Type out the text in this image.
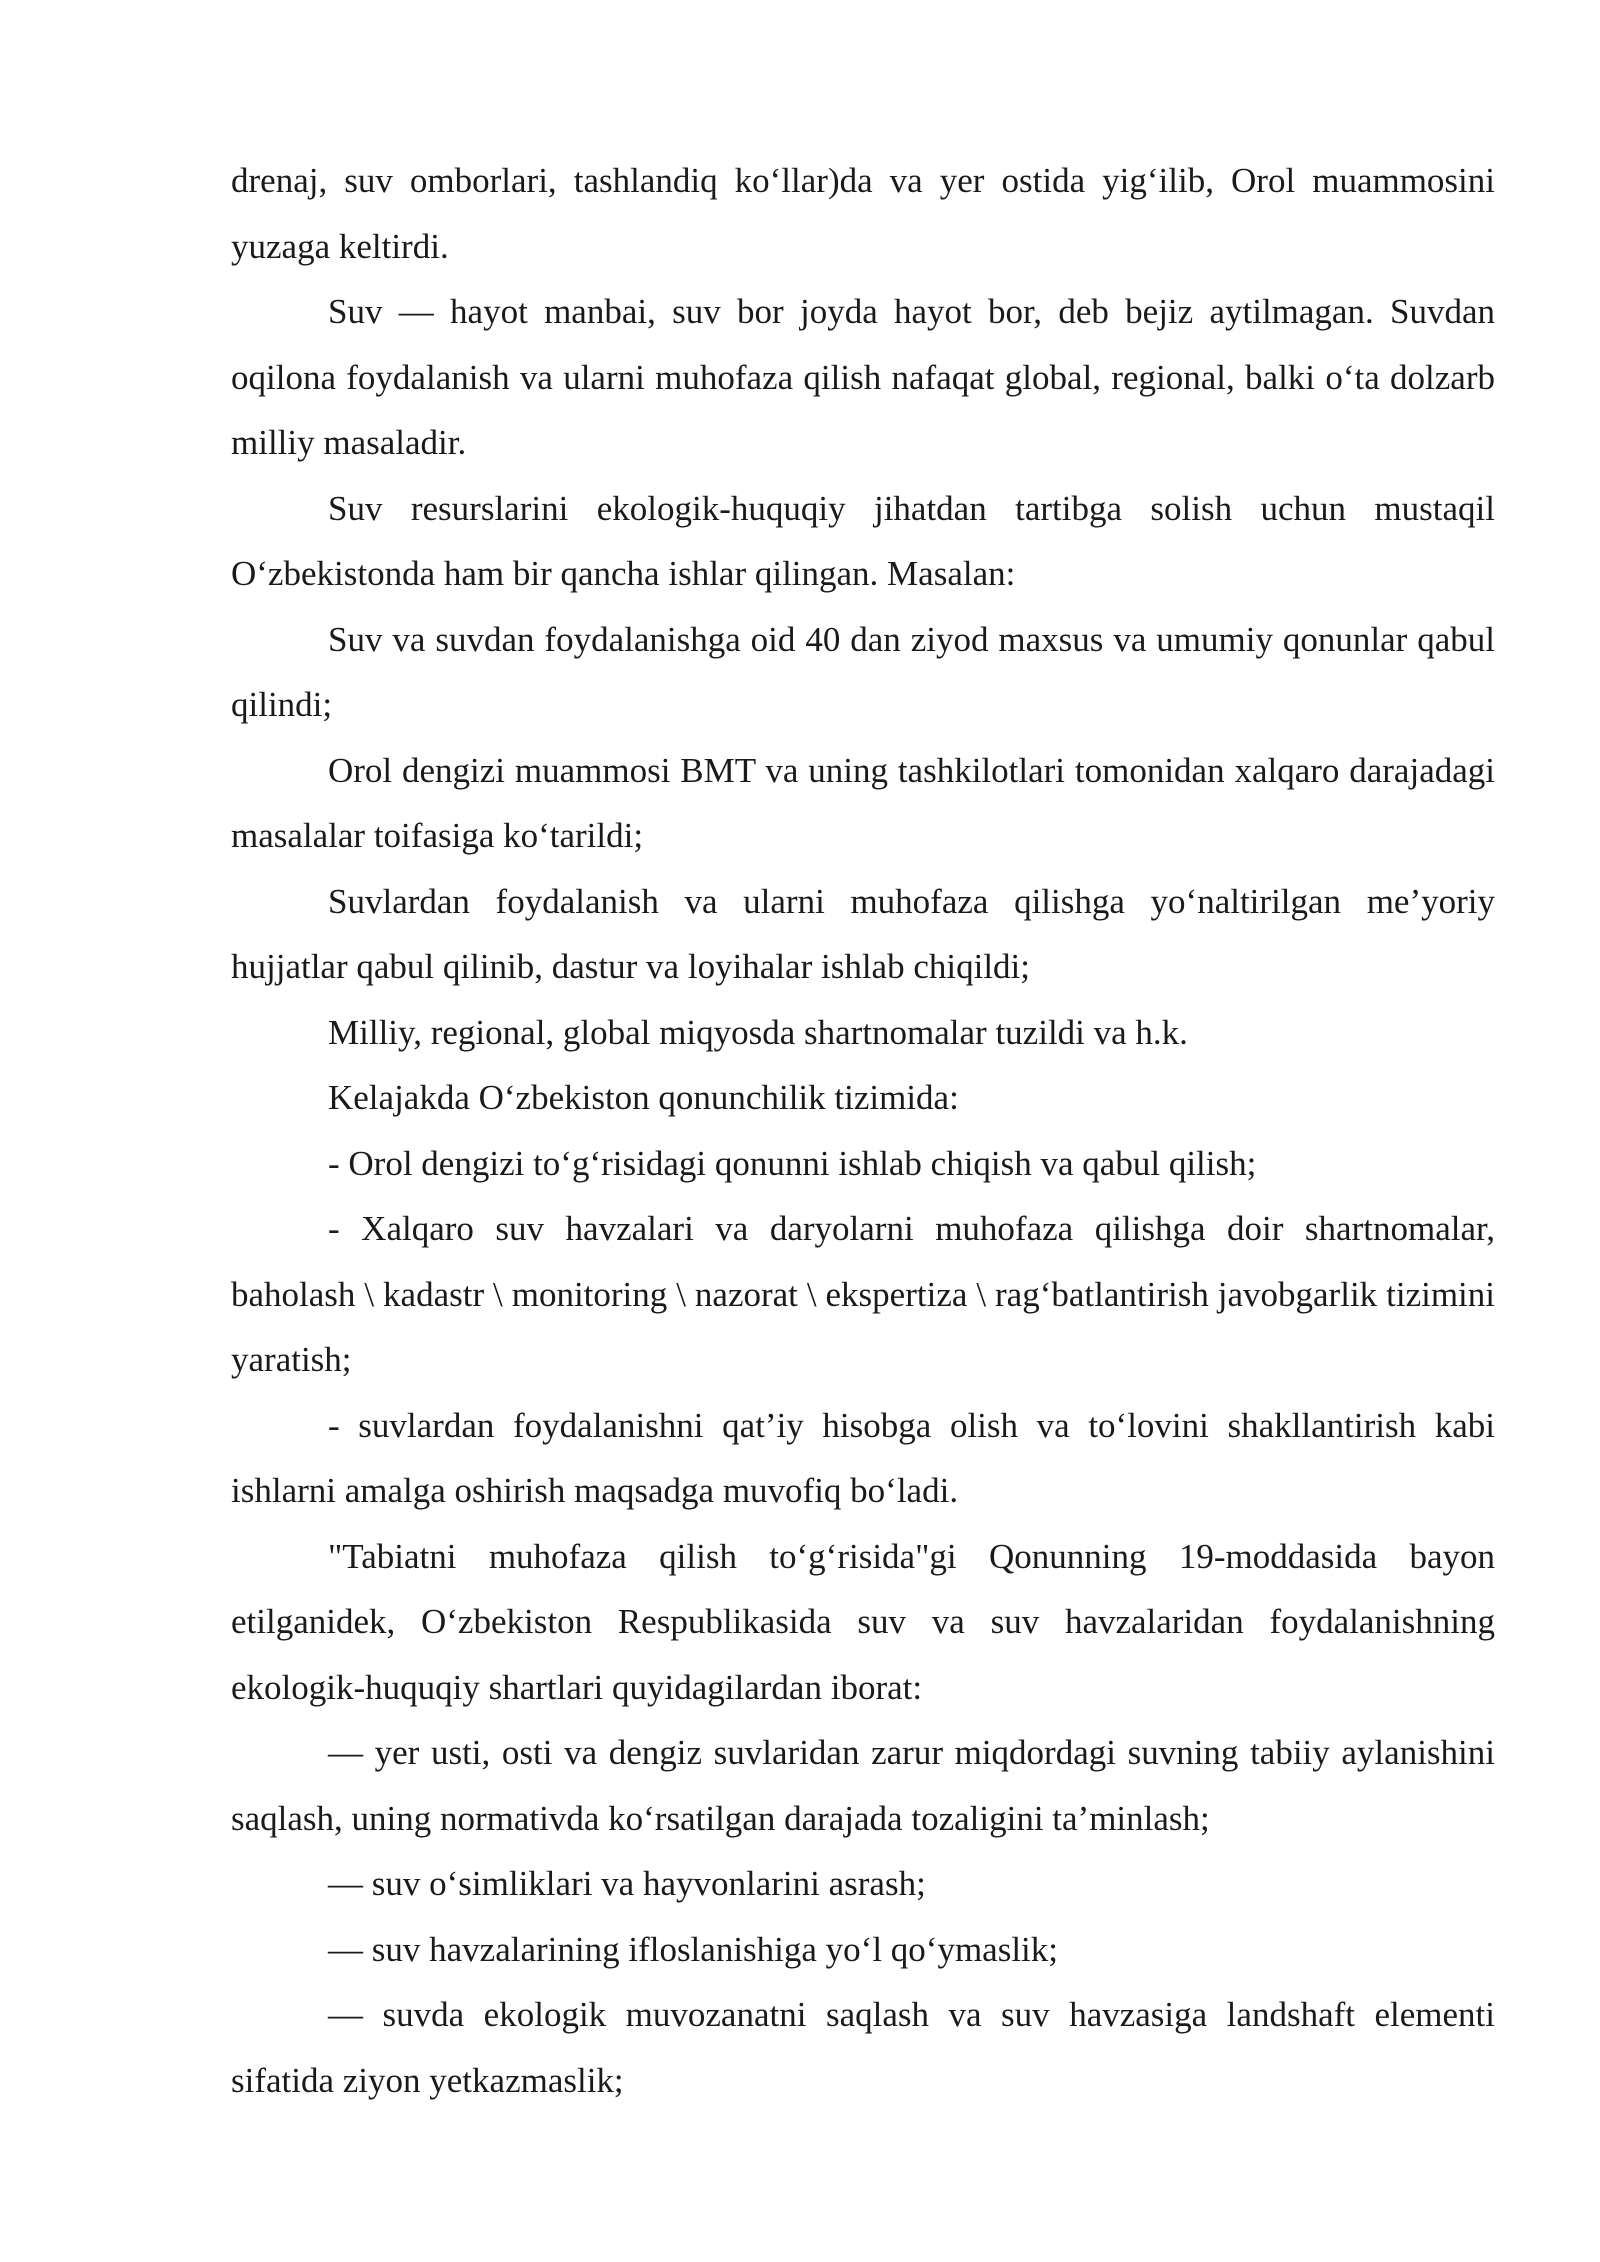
drenaj, suv omborlari, tashlandiq ko‘llar)da va yer ostida yig‘ilib, Orol muammosini yuzaga keltirdi.

Suv — hayot manbai, suv bor joyda hayot bor, deb bejiz aytilmagan. Suvdan oqilona foydalanish va ularni muhofaza qilish nafaqat global, regional, balki o‘ta dolzarb milliy masaladir.

Suv resurslarini ekologik-huquqiy jihatdan tartibga solish uchun mustaqil O‘zbekistonda ham bir qancha ishlar qilingan. Masalan:

Suv va suvdan foydalanishga oid 40 dan ziyod maxsus va umumiy qonunlar qabul qilindi;

Orol dengizi muammosi BMT va uning tashkilotlari tomonidan xalqaro darajadagi masalalar toifasiga ko‘tarildi;

Suvlardan foydalanish va ularni muhofaza qilishga yo‘naltirilgan me’yoriy hujjatlar qabul qilinib, dastur va loyihalar ishlab chiqildi;

Milliy, regional, global miqyosda shartnomalar tuzildi va h.k.

Kelajakda O‘zbekiston qonunchilik tizimida:

- Orol dengizi to‘g‘risidagi qonunni ishlab chiqish va qabul qilish;

- Xalqaro suv havzalari va daryolarni muhofaza qilishga doir shartnomalar, baholash \ kadastr \ monitoring \ nazorat \ ekspertiza \ rag‘batlantirish javobgarlik tizimini yaratish;

- suvlardan foydalanishni qat’iy hisobga olish va to‘lovini shakllantirish kabi ishlarni amalga oshirish maqsadga muvofiq bo‘ladi.

"Tabiatni muhofaza qilish to‘g‘risida"gi Qonunning 19-moddasida bayon etilganidek, O‘zbekiston Respublikasida suv va suv havzalaridan foydalanishning ekologik-huquqiy shartlari quyidagilardan iborat:

— yer usti, osti va dengiz suvlaridan zarur miqdordagi suvning tabiiy aylanishini saqlash, uning normativda ko‘rsatilgan darajada tozaligini ta’minlash;

— suv o‘simliklari va hayvonlarini asrash;

— suv havzalarining ifloslanishiga yo‘l qo‘ymaslik;

— suvda ekologik muvozanatni saqlash va suv havzasiga landshaft elementi sifatida ziyon yetkazmaslik;
